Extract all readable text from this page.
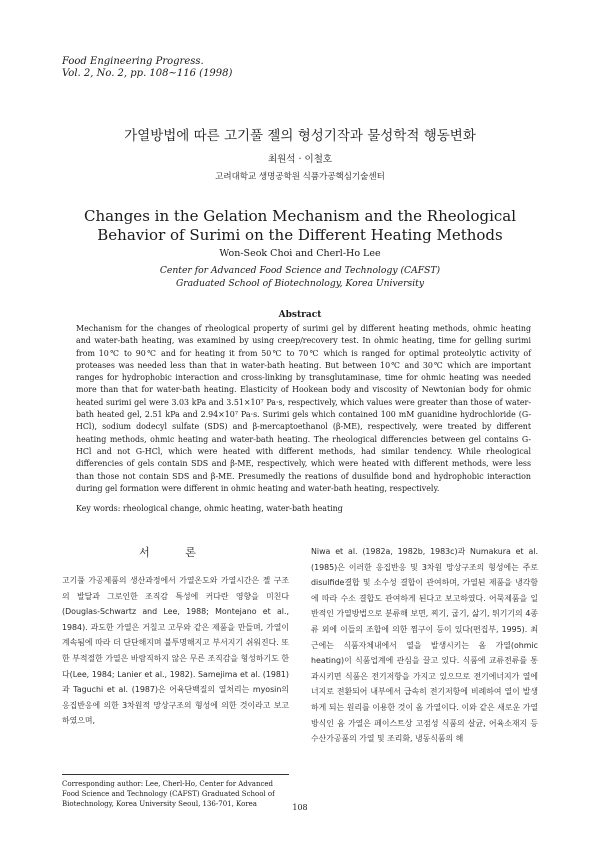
Food Engineering Progress.
Vol. 2, No. 2, pp. 108~116 (1998)
가열방법에 따른 고기풀 젤의 형성기작과 물성학적 행동변화
최원석 · 이철호
고려대학교 생명공학원 식품가공핵심기술센터
Changes in the Gelation Mechanism and the Rheological Behavior of Surimi on the Different Heating Methods
Won-Seok Choi and Cherl-Ho Lee
Center for Advanced Food Science and Technology (CAFST)
Graduated School of Biotechnology, Korea University
Abstract
Mechanism for the changes of rheological property of surimi gel by different heating methods, ohmic heating and water-bath heating, was examined by using creep/recovery test. In ohmic heating, time for gelling surimi from 10℃ to 90℃ and for heating it from 50℃ to 70℃ which is ranged for optimal proteolytic activity of proteases was needed less than that in water-bath heating. But between 10℃ and 30℃ which are important ranges for hydrophobic interaction and cross-linking by transglutaminase, time for ohmic heating was needed more than that for water-bath heating. Elasticity of Hookean body and viscosity of Newtonian body for ohmic heated surimi gel were 3.03 kPa and 3.51×10⁷ Pa·s, respectively, which values were greater than those of water-bath heated gel, 2.51 kPa and 2.94×10⁷ Pa·s. Surimi gels which contained 100 mM guanidine hydrochloride (G-HCl), sodium dodecyl sulfate (SDS) and β-mercaptoethanol (β-ME), respectively, were treated by different heating methods, ohmic heating and water-bath heating. The rheological differencies between gel contains G-HCl and not G-HCl, which were heated with different methods, had similar tendency. While rheological differencies of gels contain SDS and β-ME, respectively, which were heated with different methods, were less than those not contain SDS and β-ME. Presumedly the reations of dusulfide bond and hydrophobic interaction during gel formation were different in ohmic heating and water-bath heating, respectively.
Key words: rheological change, ohmic heating, water-bath heating
서 론

고기풀 가공제품의 생산과정에서 가열온도와 가열시간은 젤 구조의 발달과 그로인한 조직감 특성에 커다란 영향을 미친다(Douglas-Schwartz and Lee, 1988; Montejano et al., 1984). 과도한 가열은 거칠고 고무와 같은 제품을 만들며, 가열이 계속됨에 따라 더 단단해지며 불투명해지고 부서지기 쉬워진다. 또한 부적절한 가열은 바람직하지 않은 무른 조직감을 형성하기도 한다(Lee, 1984; Lanier et al., 1982). Samejima et al. (1981)과 Taguchi et al. (1987)은 어육단백질의 열처리는 myosin의 응집반응에 의한 3차원적 망상구조의 형성에 의한 것이라고 보고하였으며,

Niwa et al. (1982a, 1982b, 1983c)과 Numakura et al. (1985)은 이러한 응집반응 및 3차원 망상구조의 형성에는 주로 disulfide결합 및 소수성 결합이 관여하며, 가열된 제품을 냉각함에 따라 수소 결합도 관여하게 된다고 보고하였다. 어묵제품을 일반적인 가열방법으로 분류해 보면, 찌기, 굽기, 삶기, 튀기기의 4종류 외에 이들의 조합에 의한 찜구이 등이 있다(편집부, 1995). 최근에는 식품자체내에서 열을 발생시키는 옴 가열(ohmic heating)이 식품업계에 관심을 끌고 있다. 식품에 교류전류를 통과시키면 식품은 전기저항을 가지고 있으므로 전기에너지가 열에너지로 전환되어 내부에서 급속히 전기저항에 비례하여 열이 발생하게 되는 원리를 이용한 것이 옴 가열이다. 이와 같은 새로운 가열방식인 옴 가열은 페이스트상 고점성 식품의 살균, 어육소재지 등 수산가공품의 가열 및 조리화, 냉동식품의 해

Corresponding author: Lee, Cherl-Ho, Center for Advanced Food Science and Technology (CAFST) Graduated School of Biotechnology, Korea University Seoul, 136-701, Korea	108
